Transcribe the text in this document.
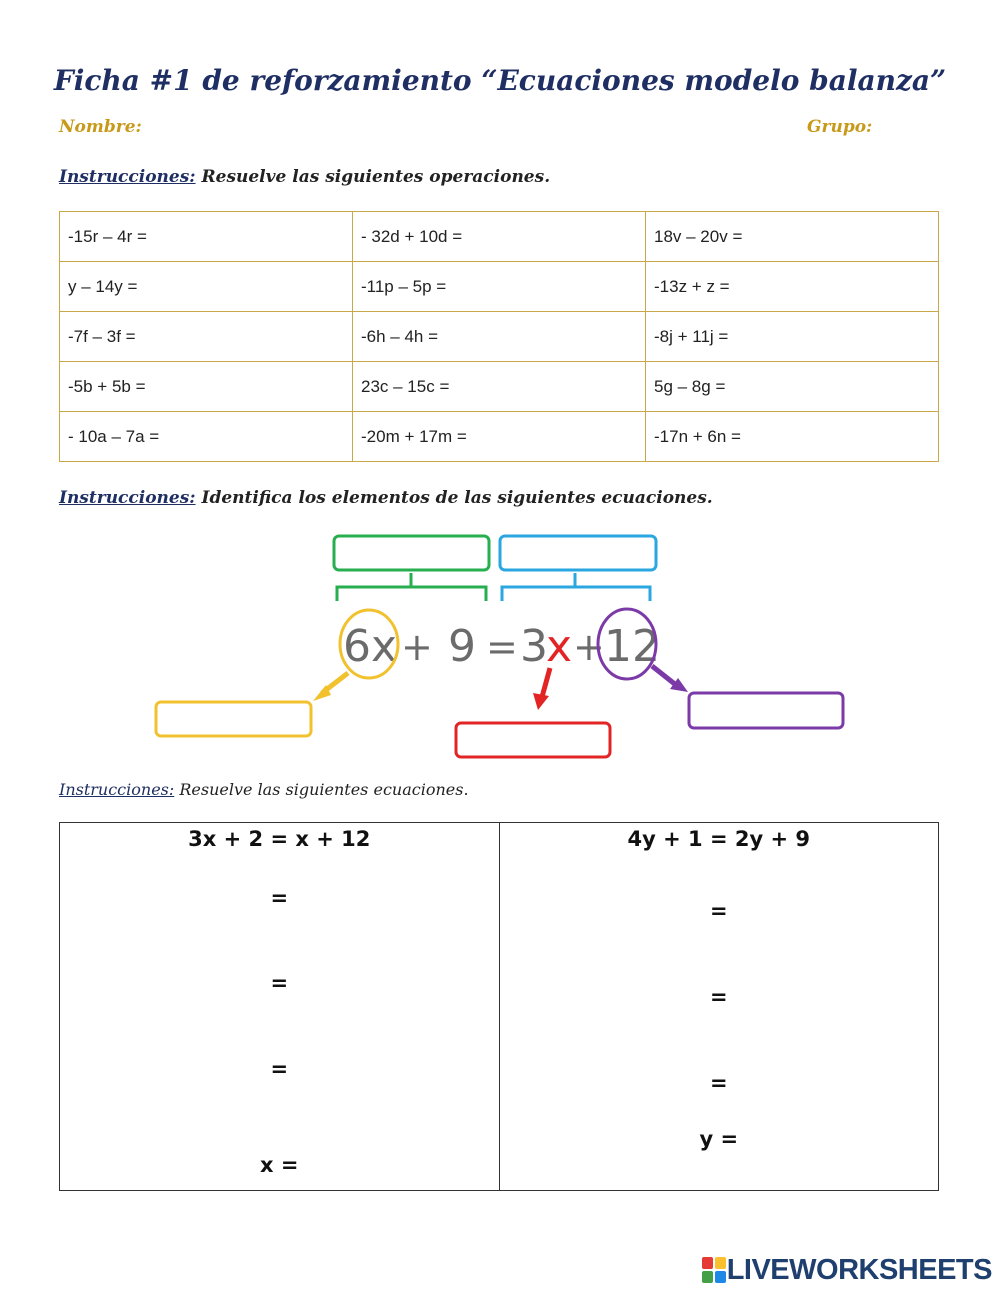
Ficha #1 de reforzamiento “Ecuaciones modelo balanza”
Nombre:	Grupo:
Instrucciones: Resuelve las siguientes operaciones.
-15r – 4r =	- 32d + 10d =	18v – 20v =
y – 14y =	-11p – 5p =	-13z + z =
-7f – 3f =	-6h – 4h =	-8j + 11j =
-5b + 5b =	23c – 15c =	5g – 8g =
- 10a – 7a =	-20m + 17m =	-17n + 6n =
Instrucciones: Identifica los elementos de las siguientes ecuaciones.
6x + 9 = 3
x + 12
Instrucciones: Resuelve las siguientes ecuaciones.
3x + 2 = x + 12
=
=
=
x =

4y + 1 = 2y + 9
=
=
=
y =
LIVEWORKSHEETS
